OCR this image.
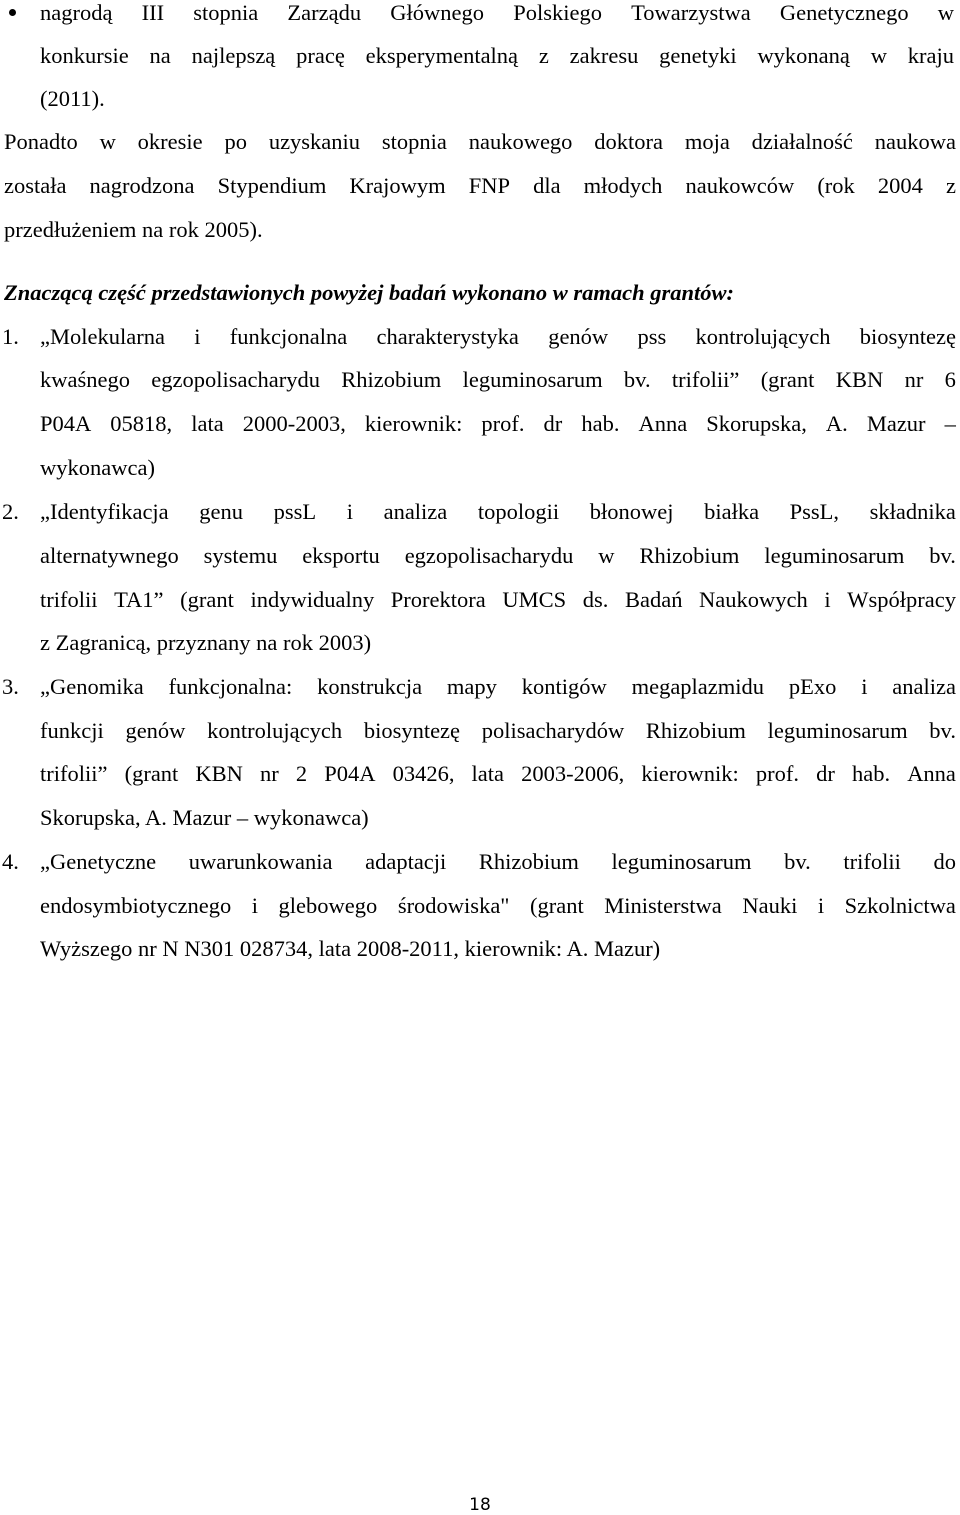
nagrodą III stopnia Zarządu Głównego Polskiego Towarzystwa Genetycznego w
konkursie na najlepszą pracę eksperymentalną z zakresu genetyki wykonaną w kraju
(2011).
Ponadto w okresie po uzyskaniu stopnia naukowego doktora moja działalność naukowa
została nagrodzona Stypendium Krajowym FNP dla młodych naukowców (rok 2004 z
przedłużeniem na rok 2005).
Znaczącą część przedstawionych powyżej badań wykonano w ramach grantów:
1. „Molekularna i funkcjonalna charakterystyka genów pss kontrolujących biosyntezę
kwaśnego egzopolisacharydu Rhizobium leguminosarum bv. trifolii” (grant KBN nr 6
P04A 05818, lata 2000-2003, kierownik: prof. dr hab. Anna Skorupska, A. Mazur –
wykonawca)
2. „Identyfikacja genu pssL i analiza topologii błonowej białka PssL, składnika
alternatywnego systemu eksportu egzopolisacharydu w Rhizobium leguminosarum bv.
trifolii TA1” (grant indywidualny Prorektora UMCS ds. Badań Naukowych i Współpracy
z Zagranicą, przyznany na rok 2003)
3. „Genomika funkcjonalna: konstrukcja mapy kontigów megaplazmidu pExo i analiza
funkcji genów kontrolujących biosyntezę polisacharydów Rhizobium leguminosarum bv.
trifolii” (grant KBN nr 2 P04A 03426, lata 2003-2006, kierownik: prof. dr hab. Anna
Skorupska, A. Mazur – wykonawca)
4. „Genetyczne uwarunkowania adaptacji Rhizobium leguminosarum bv. trifolii do
endosymbiotycznego i glebowego środowiska" (grant Ministerstwa Nauki i Szkolnictwa
Wyższego nr N N301 028734, lata 2008-2011, kierownik: A. Mazur)
18
